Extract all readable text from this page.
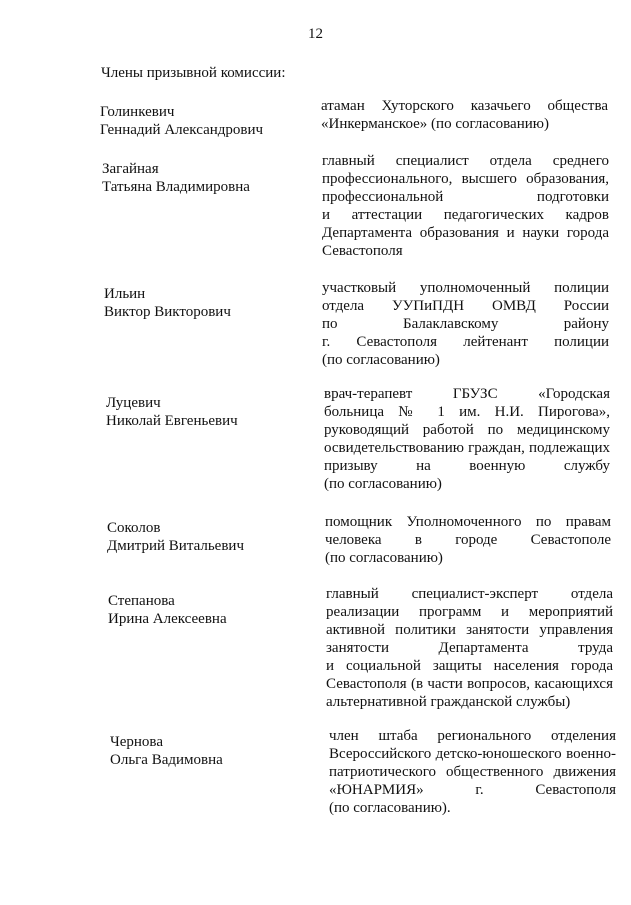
12
Члены призывной комиссии:
Голинкевич
Геннадий Александрович
атаман Хуторского казачьего общества
«Инкерманское» (по согласованию)
Загайная
Татьяна Владимировна
главный специалист отдела среднего
профессионального, высшего образования,
профессиональной подготовки
и аттестации педагогических кадров
Департамента образования и науки города
Севастополя
Ильин
Виктор Викторович
участковый уполномоченный полиции
отдела УУПиПДН ОМВД России
по Балаклавскому району
г. Севастополя лейтенант полиции
(по согласованию)
Луцевич
Николай Евгеньевич
врач-терапевт ГБУЗС «Городская
больница № 1 им. Н.И. Пирогова»,
руководящий работой по медицинскому
освидетельствованию граждан, подлежащих
призыву на военную службу
(по согласованию)
Соколов
Дмитрий Витальевич
помощник Уполномоченного по правам
человека в городе Севастополе
(по согласованию)
Степанова
Ирина Алексеевна
главный специалист-эксперт отдела
реализации программ и мероприятий
активной политики занятости управления
занятости Департамента труда
и социальной защиты населения города
Севастополя (в части вопросов, касающихся
альтернативной гражданской службы)
Чернова
Ольга Вадимовна
член штаба регионального отделения
Всероссийского детско-юношеского военно-
патриотического общественного движения
«ЮНАРМИЯ» г. Севастополя
(по согласованию).
